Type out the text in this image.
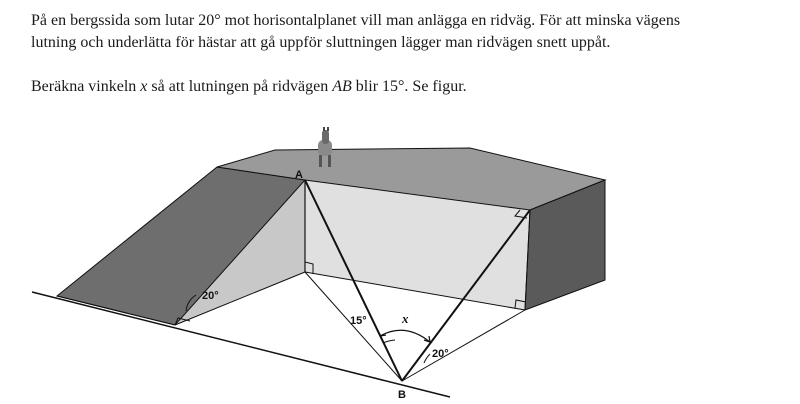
På en bergssida som lutar 20° mot horisontalplanet vill man anlägga en ridväg. För att minska vägens

lutning och underlätta för hästar att gå uppför sluttningen lägger man ridvägen snett uppåt.

Beräkna vinkeln x så att lutningen på ridvägen AB blir 15°. Se figur.

A
B
20°
15°	x
20°
